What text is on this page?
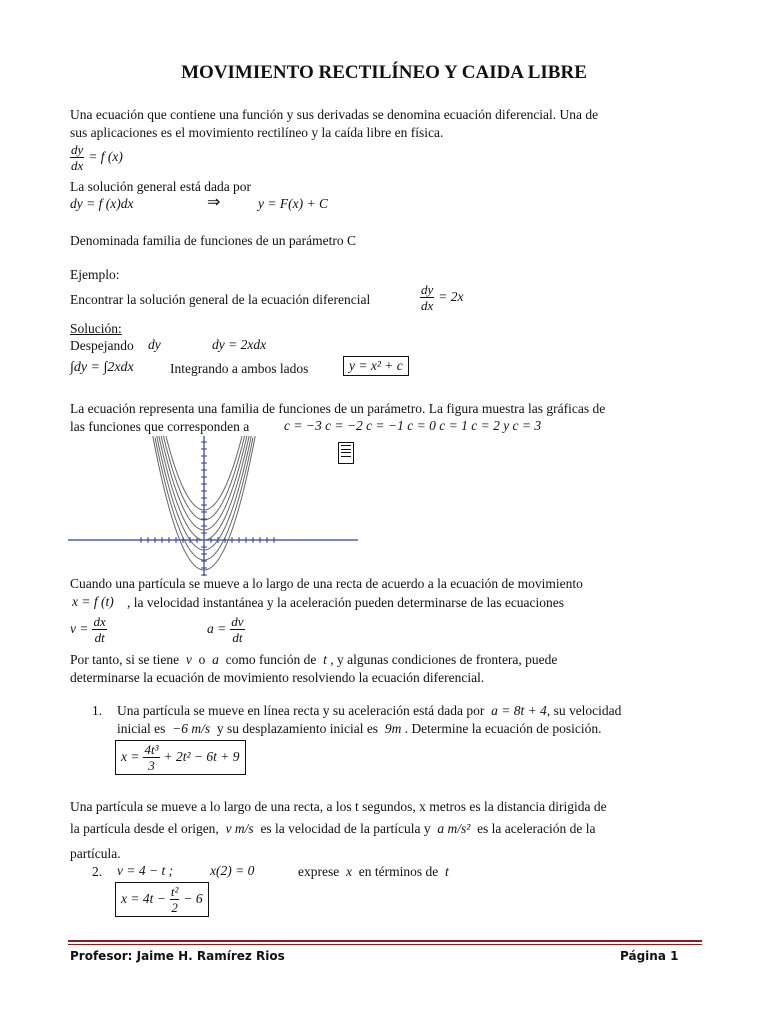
MOVIMIENTO RECTILÍNEO Y CAIDA LIBRE
Una ecuación que contiene una función y sus derivadas se denomina ecuación diferencial. Una de
sus aplicaciones es el movimiento rectilíneo y la caída libre en física.
$\frac{dy}{dx} = f$ (x)
La solución general está dada por
dy = f (x)dx	⇒	y = F(x) + C
Denominada familia de funciones de un parámetro C
Ejemplo:
Encontrar la solución general de la ecuación diferencial	$\frac{dy}{dx} = 2x$
Solución:
Despejando dy	dy = 2xdx
∫dy = ∫2xdx	Integrando a ambos lados	y = x² + c
La ecuación representa una familia de funciones de un parámetro. La figura muestra las gráficas de
las funciones que corresponden a	c = −3 c = −2 c = −1 c = 0 c = 1 c = 2 y c = 3
Cuando una partícula se mueve a lo largo de una recta de acuerdo a la ecuación de movimiento
x = f (t) , la velocidad instantánea y la aceleración pueden determinarse de las ecuaciones
$v = \frac{dx}{dt}$	$a = \frac{dv}{dt}$
Por tanto, si se tiene v o a como función de t , y algunas condiciones de frontera, puede
determinarse la ecuación de movimiento resolviendo la ecuación diferencial.
1. Una partícula se mueve en línea recta y su aceleración está dada por a = 8t + 4, su velocidad
inicial es −6 m/s y su desplazamiento inicial es 9m . Determine la ecuación de posición.
$x = \frac{\text{4t³}}{3} + 2t^2 - 6t + 9$
Una partícula se mueve a lo largo de una recta, a los t segundos, x metros es la distancia dirigida de
la partícula desde el origen, v m/s es la velocidad de la partícula y a m/s² es la aceleración de la
partícula.
2. v = 4 − t ;	x(2) = 0	exprese x en términos de t
$x = 4t - \frac{\text{t²}}{2} - 6$
Profesor: Jaime H. Ramírez Rios	Página 1
